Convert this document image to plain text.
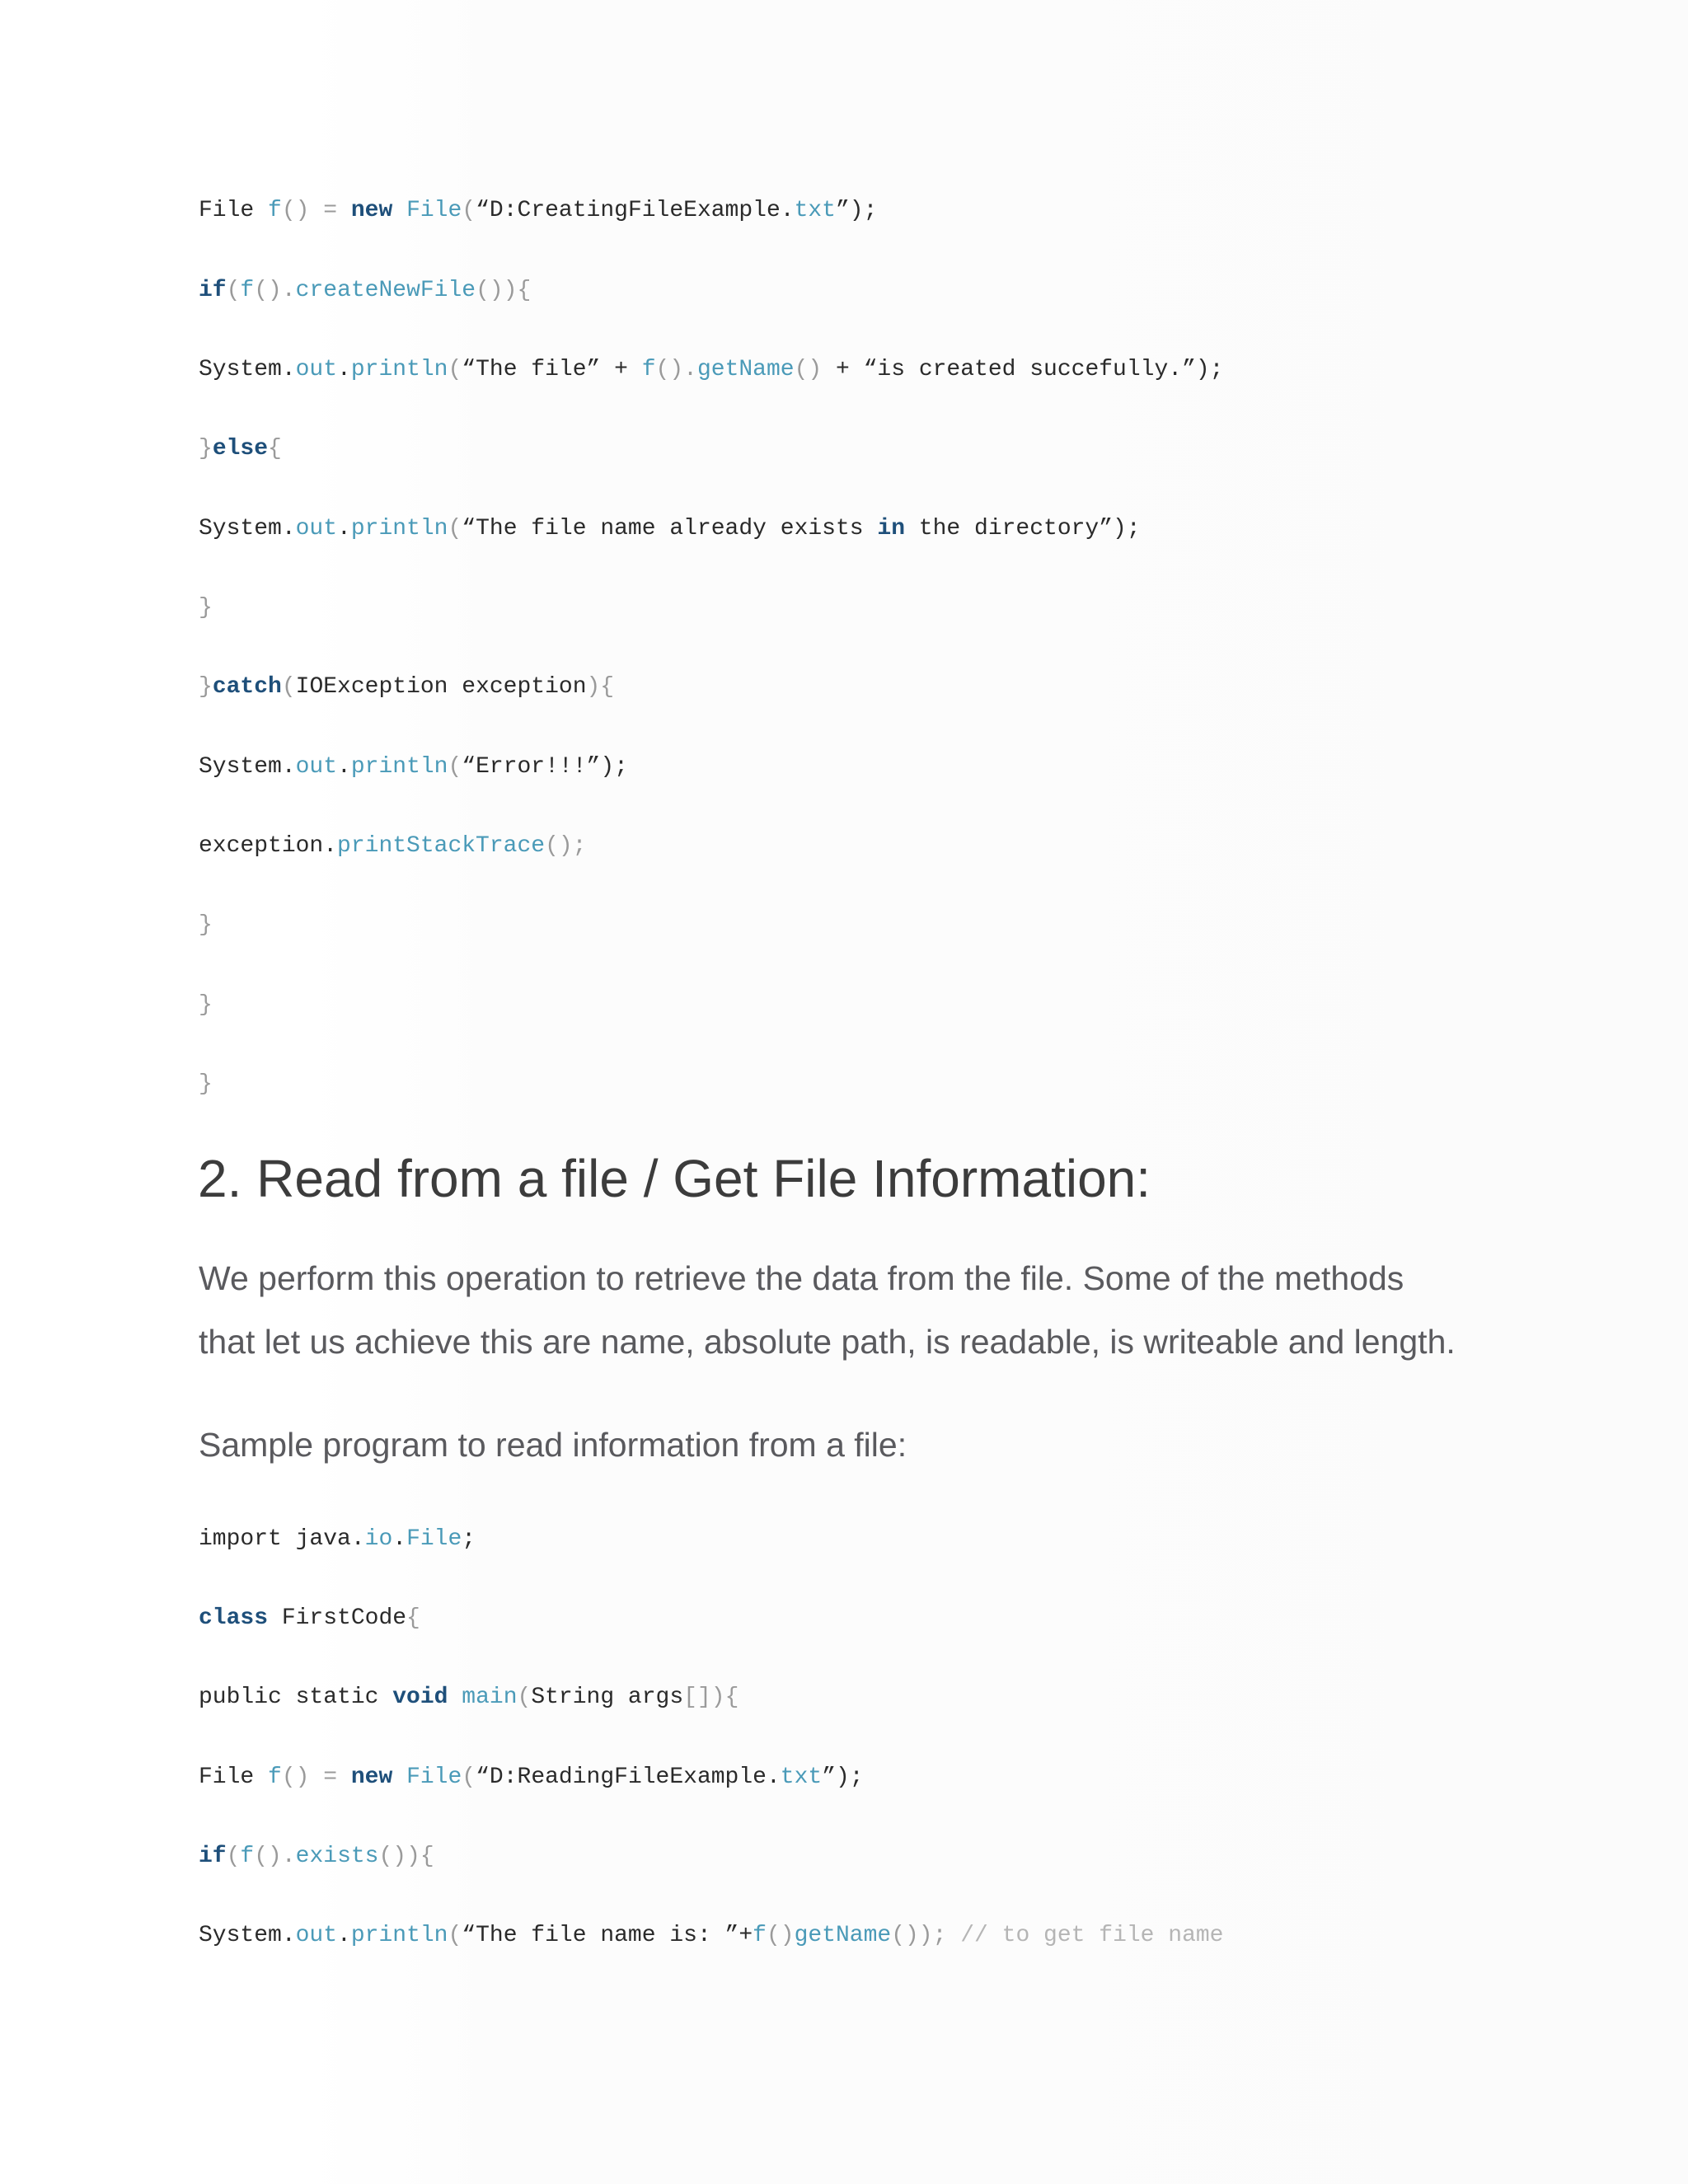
File f() = new File(“D:CreatingFileExample.txt”);
if(f().createNewFile()){
System.out.println(“The file” + f().getName() + “is created succefully.”);
}else{
System.out.println(“The file name already exists in the directory”);
}
}catch(IOException exception){
System.out.println(“Error!!!”);
exception.printStackTrace();
}
}
}
2. Read from a file / Get File Information:

We perform this operation to retrieve the data from the file. Some of the methods
that let us achieve this are name, absolute path, is readable, is writeable and length.

Sample program to read information from a file:

import java.io.File;
class FirstCode{
public static void main(String args[]){
File f() = new File(“D:ReadingFileExample.txt”);
if(f().exists()){
System.out.println(“The file name is: ”+f()getName()); // to get file name
